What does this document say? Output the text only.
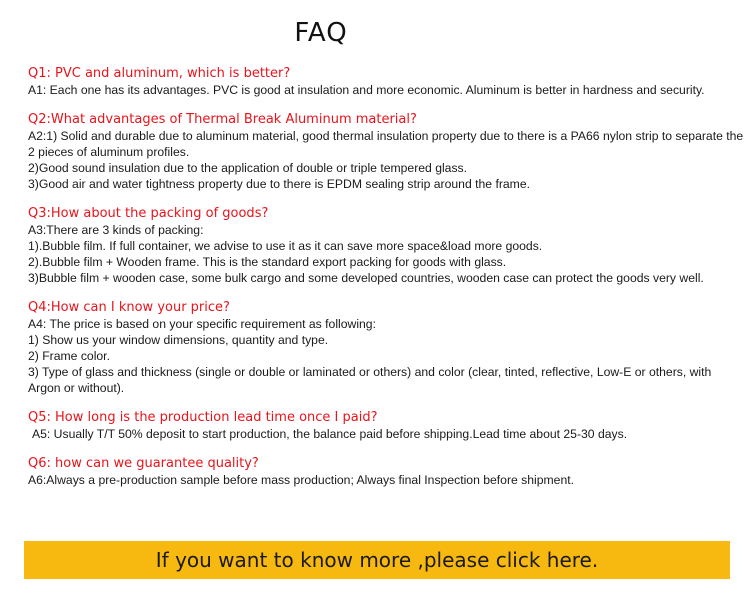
FAQ
Q1: PVC and aluminum, which is better?
A1: Each one has its advantages. PVC is good at insulation and more economic. Aluminum is better in hardness and security.
Q2:What advantages of Thermal Break Aluminum material?
A2:1) Solid and durable due to aluminum material, good thermal insulation property due to there is a PA66 nylon strip to separate the 2 pieces of aluminum profiles.
2)Good sound insulation due to the application of double or triple tempered glass.
3)Good air and water tightness property due to there is EPDM sealing strip around the frame.
Q3:How about the packing of goods?
A3:There are 3 kinds of packing:
1).Bubble film. If full container, we advise to use it as it can save more space&load more goods.
2).Bubble film + Wooden frame. This is the standard export packing for goods with glass.
3)Bubble film + wooden case, some bulk cargo and some developed countries, wooden case can protect the goods very well.
Q4:How can I know your price?
A4: The price is based on your specific requirement as following:
1) Show us your window dimensions, quantity and type.
2) Frame color.
3) Type of glass and thickness (single or double or laminated or others) and color (clear, tinted, reflective, Low-E or others, with Argon or without).
Q5: How long is the production lead time once I paid?
A5: Usually T/T 50% deposit to start production, the balance paid before shipping.Lead time about 25-30 days.
Q6: how can we guarantee quality?
A6:Always a pre-production sample before mass production; Always final Inspection before shipment.
If you want to know more ,please click here.
